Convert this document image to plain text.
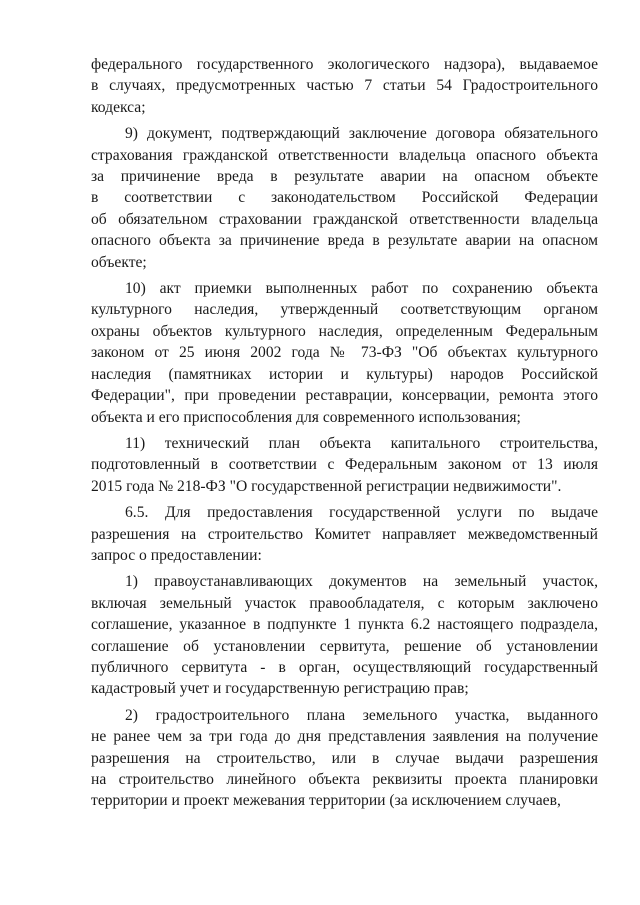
федерального государственного экологического надзора), выдаваемое
в случаях, предусмотренных частью 7 статьи 54 Градостроительного
кодекса;
9) документ, подтверждающий заключение договора обязательного
страхования гражданской ответственности владельца опасного объекта
за причинение вреда в результате аварии на опасном объекте
в соответствии с законодательством Российской Федерации
об обязательном страховании гражданской ответственности владельца
опасного объекта за причинение вреда в результате аварии на опасном
объекте;
10) акт приемки выполненных работ по сохранению объекта
культурного наследия, утвержденный соответствующим органом
охраны объектов культурного наследия, определенным Федеральным
законом от 25 июня 2002 года № 73-ФЗ "Об объектах культурного
наследия (памятниках истории и культуры) народов Российской
Федерации", при проведении реставрации, консервации, ремонта этого
объекта и его приспособления для современного использования;
11) технический план объекта капитального строительства,
подготовленный в соответствии с Федеральным законом от 13 июля
2015 года № 218-ФЗ "О государственной регистрации недвижимости".
6.5. Для предоставления государственной услуги по выдаче
разрешения на строительство Комитет направляет межведомственный
запрос о предоставлении:
1) правоустанавливающих документов на земельный участок,
включая земельный участок правообладателя, с которым заключено
соглашение, указанное в подпункте 1 пункта 6.2 настоящего подраздела,
соглашение об установлении сервитута, решение об установлении
публичного сервитута - в орган, осуществляющий государственный
кадастровый учет и государственную регистрацию прав;
2) градостроительного плана земельного участка, выданного
не ранее чем за три года до дня представления заявления на получение
разрешения на строительство, или в случае выдачи разрешения
на строительство линейного объекта реквизиты проекта планировки
территории и проект межевания территории (за исключением случаев,
